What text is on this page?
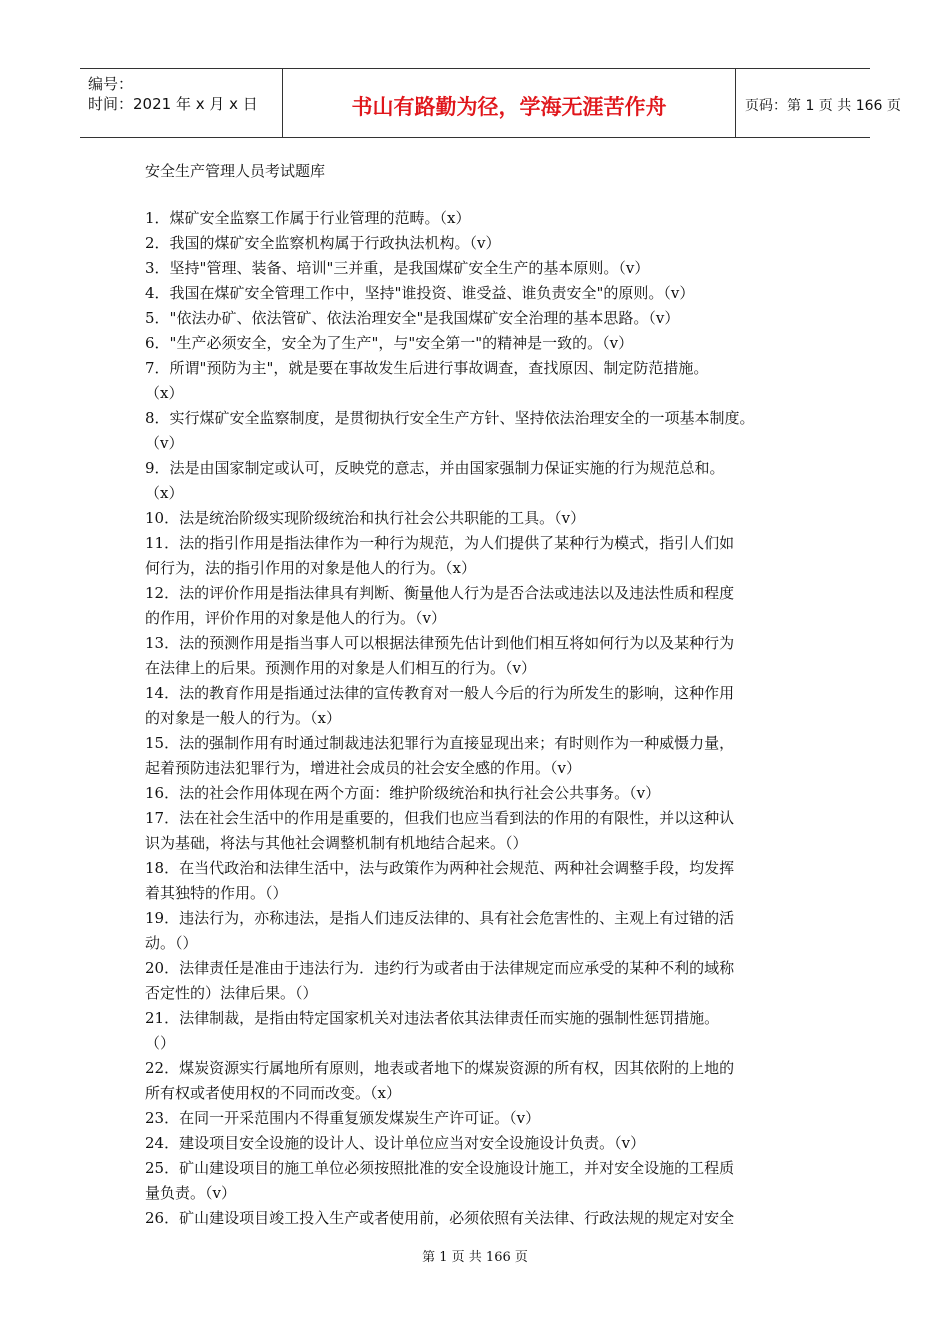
编号：
时间：2021 年 x 月 x 日	书山有路勤为径，学海无涯苦作舟	页码：第 1 页 共 166 页
安全生产管理人员考试题库

1．煤矿安全监察工作属于行业管理的范畴。（x）

2．我国的煤矿安全监察机构属于行政执法机构。（v）

3．坚持"管理、装备、培训"三并重，是我国煤矿安全生产的基本原则。（v）

4．我国在煤矿安全管理工作中，坚持"谁投资、谁受益、谁负责安全"的原则。（v）

5．"依法办矿、依法管矿、依法治理安全"是我国煤矿安全治理的基本思路。（v）

6．"生产必须安全，安全为了生产"，与"安全第一"的精神是一致的。（v）

7．所谓"预防为主"，就是要在事故发生后进行事故调查，查找原因、制定防范措施。
（x）

8．实行煤矿安全监察制度，是贯彻执行安全生产方针、坚持依法治理安全的一项基本制度。
（v）

9．法是由国家制定或认可，反映党的意志，并由国家强制力保证实施的行为规范总和。
（x）

10．法是统治阶级实现阶级统治和执行社会公共职能的工具。（v）

11．法的指引作用是指法律作为一种行为规范，为人们提供了某种行为模式，指引人们如
何行为，法的指引作用的对象是他人的行为。（x）

12．法的评价作用是指法律具有判断、衡量他人行为是否合法或违法以及违法性质和程度
的作用，评价作用的对象是他人的行为。（v）

13．法的预测作用是指当事人可以根据法律预先估计到他们相互将如何行为以及某种行为
在法律上的后果。预测作用的对象是人们相互的行为。（v）

14．法的教育作用是指通过法律的宣传教育对一般人今后的行为所发生的影响，这种作用
的对象是一般人的行为。（x）

15．法的强制作用有时通过制裁违法犯罪行为直接显现出来；有时则作为一种威慑力量，
起着预防违法犯罪行为，增进社会成员的社会安全感的作用。（v）

16．法的社会作用体现在两个方面：维护阶级统治和执行社会公共事务。（v）

17．法在社会生活中的作用是重要的，但我们也应当看到法的作用的有限性，并以这种认
识为基础，将法与其他社会调整机制有机地结合起来。（）

18．在当代政治和法律生活中，法与政策作为两种社会规范、两种社会调整手段，均发挥
着其独特的作用。（）

19．违法行为，亦称违法，是指人们违反法律的、具有社会危害性的、主观上有过错的活
动。（）

20．法律责任是准由于违法行为．违约行为或者由于法律规定而应承受的某种不利的域称
否定性的）法律后果。（）

21．法律制裁，是指由特定国家机关对违法者依其法律责任而实施的强制性惩罚措施。
（）

22．煤炭资源实行属地所有原则，地表或者地下的煤炭资源的所有权，因其依附的上地的
所有权或者使用权的不同而改变。（x）

23．在同一开采范围内不得重复颁发煤炭生产许可证。（v）

24．建设项目安全设施的设计人、设计单位应当对安全设施设计负责。（v）

25．矿山建设项目的施工单位必须按照批准的安全设施设计施工，并对安全设施的工程质
量负责。（v）

26．矿山建设项目竣工投入生产或者使用前，必须依照有关法律、行政法规的规定对安全

第 1 页 共 166 页
